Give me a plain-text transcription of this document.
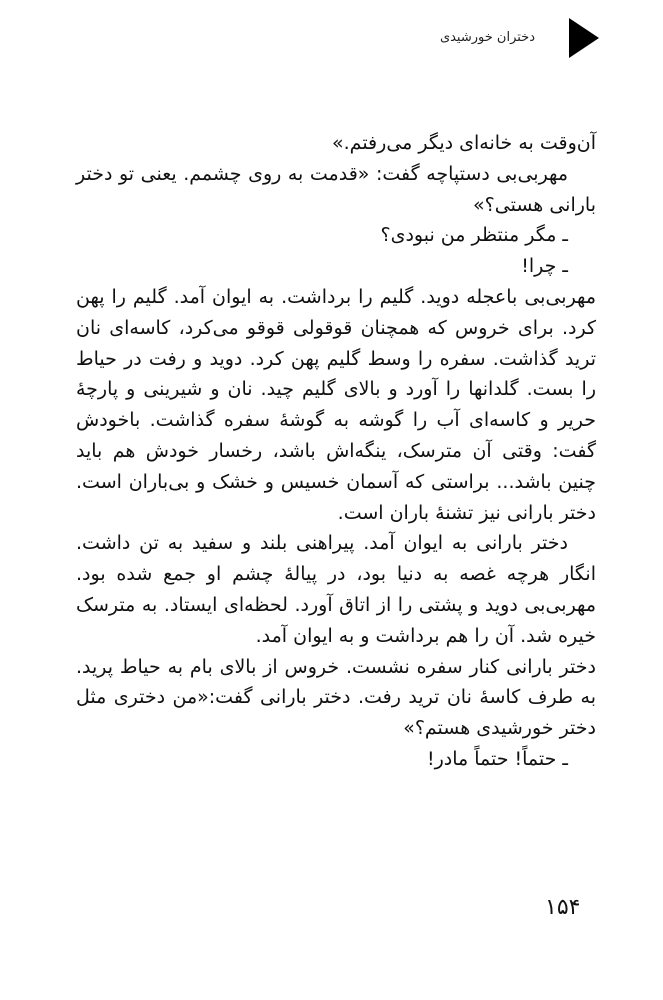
دختران خورشیدی

آن‌وقت به خانه‌ای دیگر می‌رفتم.»

مهربی‌بی دستپاچه گفت: «قدمت به روی چشمم. یعنی تو دختر بارانی هستی؟»

ـ مگر منتظر من نبودی؟

ـ چرا!

مهربی‌بی باعجله دوید. گلیم را برداشت. به ایوان آمد. گلیم را پهن کرد. برای خروس که همچنان قوقولی قوقو می‌کرد، کاسه‌ای نان ترید گذاشت. سفره را وسط گلیم پهن کرد. دوید و رفت در حیاط را بست. گلدانها را آورد و بالای گلیم چید. نان و شیرینی و پارچهٔ حریر و کاسه‌ای آب را گوشه به گوشهٔ سفره گذاشت. باخودش گفت: وقتی آن مترسک، ینگه‌اش باشد، رخسار خودش هم باید چنین باشد... براستی که آسمان خسیس و خشک و بی‌باران است. دختر بارانی نیز تشنهٔ باران است.

دختر بارانی به ایوان آمد. پیراهنی بلند و سفید به تن داشت. انگار هرچه غصه به دنیا بود، در پیالهٔ چشم او جمع شده بود. مهربی‌بی دوید و پشتی را از اتاق آورد. لحظه‌ای ایستاد. به مترسک خیره شد. آن را هم برداشت و به ایوان آمد.

دختر بارانی کنار سفره نشست. خروس از بالای بام به حیاط پرید. به طرف کاسهٔ نان ترید رفت. دختر بارانی گفت:«من دختری مثل دختر خورشیدی هستم؟»

ـ حتماً! حتماً مادر!

۱۵۴
